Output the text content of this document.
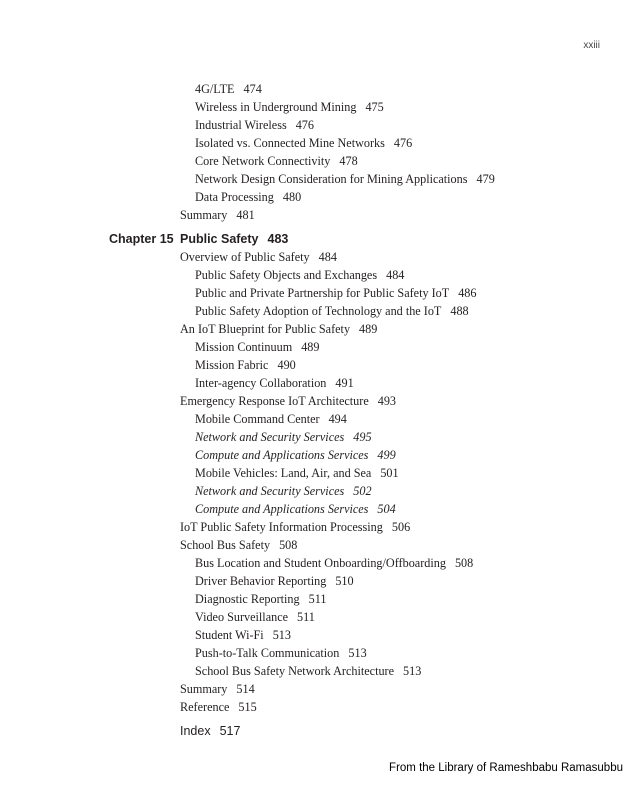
xxiii
From the Library of Rameshbabu Ramasubbu
4G/LTE 474
Wireless in Underground Mining 475
Industrial Wireless 476
Isolated vs. Connected Mine Networks 476
Core Network Connectivity 478
Network Design Consideration for Mining Applications 479
Data Processing 480
Summary 481
Chapter 15 Public Safety 483
Overview of Public Safety 484
Public Safety Objects and Exchanges 484
Public and Private Partnership for Public Safety IoT 486
Public Safety Adoption of Technology and the IoT 488
An IoT Blueprint for Public Safety 489
Mission Continuum 489
Mission Fabric 490
Inter-agency Collaboration 491
Emergency Response IoT Architecture 493
Mobile Command Center 494
Network and Security Services 495
Compute and Applications Services 499
Mobile Vehicles: Land, Air, and Sea 501
Network and Security Services 502
Compute and Applications Services 504
IoT Public Safety Information Processing 506
School Bus Safety 508
Bus Location and Student Onboarding/Offboarding 508
Driver Behavior Reporting 510
Diagnostic Reporting 511
Video Surveillance 511
Student Wi-Fi 513
Push-to-Talk Communication 513
School Bus Safety Network Architecture 513
Summary 514
Reference 515
Index 517
